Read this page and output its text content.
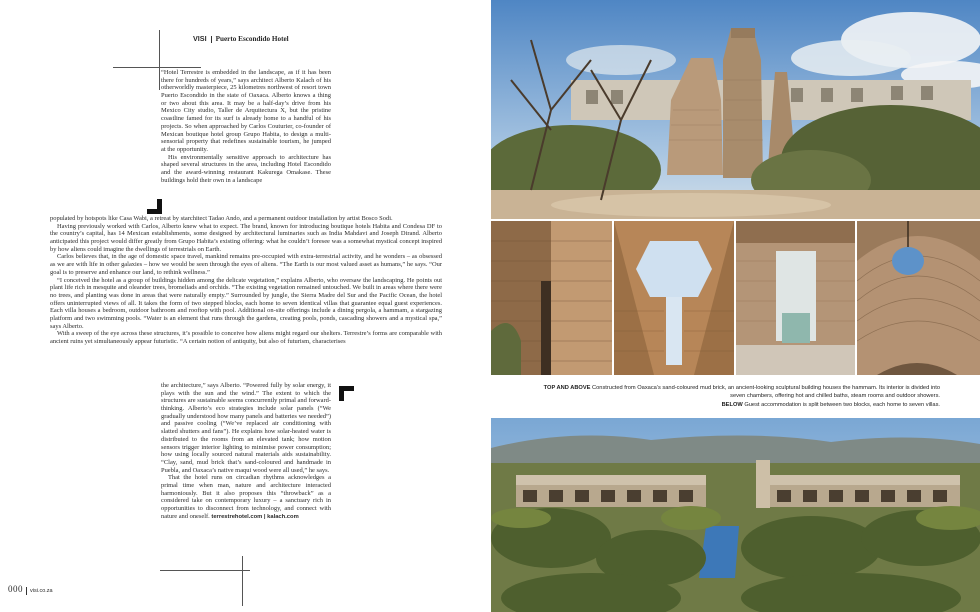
VISI Puerto Escondido Hotel

“Hotel Terrestre is embedded in the landscape, as if it has been there for hundreds of years,” says architect Alberto Kalach of his otherworldly masterpiece, 25 kilometres northwest of resort town Puerto Escondido in the state of Oaxaca. Alberto knows a thing or two about this area. It may be a half-day’s drive from his Mexico City studio, Taller de Arquitectura X, but the pristine coastline famed for its surf is already home to a handful of his projects. So when approached by Carlos Couturier, co-founder of Mexican boutique hotel group Grupo Habita, to design a multi-sensorial property that redefines sustainable tourism, he jumped at the opportunity.

His environmentally sensitive approach to architecture has shaped several structures in the area, including Hotel Escondido and the award-winning restaurant Kakurega Omakase. These buildings hold their own in a landscape

populated by hotspots like Casa Wabi, a retreat by starchitect Tadao Ando, and a permanent outdoor installation by artist Bosco Sodi.

Having previously worked with Carlos, Alberto knew what to expect. The brand, known for introducing boutique hotels Habita and Condesa DF to the country’s capital, has 14 Mexican establishments, some designed by architectural luminaries such as India Mahdavi and Joseph Dirand. Alberto anticipated this project would differ greatly from Grupo Habita’s existing offering: what he couldn’t foresee was a somewhat mystical concept inspired by how aliens could imagine the dwellings of terrestrials on Earth.

Carlos believes that, in the age of domestic space travel, mankind remains pre-occupied with extra-terrestrial activity, and he wonders – as obsessed as we are with life in other galaxies – how we would be seen through the eyes of aliens. “The Earth is our most valued asset as humans,” he says. “Our goal is to preserve and enhance our land, to rethink wellness.”

“I conceived the hotel as a group of buildings hidden among the delicate vegetation,” explains Alberto, who oversaw the landscaping. He points out plant life rich in mesquite and oleander trees, bromeliads and orchids. “The existing vegetation remained untouched. We built in areas where there were no trees, and planting was done in areas that were naturally empty.” Surrounded by jungle, the Sierra Madre del Sur and the Pacific Ocean, the hotel offers uninterrupted views of all. It takes the form of two stepped blocks, each home to seven identical villas that guarantee equal guest experiences. Each villa houses a bedroom, outdoor bathroom and rooftop with pool. Additional on-site offerings include a dining pergola, a hammam, a stargazing platform and two swimming pools. “Water is an element that runs through the gardens, creating pools, ponds, cascading showers and a mystical spa,” says Alberto.

With a sweep of the eye across these structures, it’s possible to conceive how aliens might regard our shelters. Terrestre’s forms are comparable with ancient ruins yet simultaneously appear futuristic. “A certain notion of antiquity, but also of futurism, characterises

the architecture,” says Alberto. “Powered fully by solar energy, it plays with the sun and the wind.” The extent to which the structures are sustainable seems concurrently primal and forward-thinking. Alberto’s eco strategies include solar panels (“We gradually understood how many panels and batteries we needed”) and passive cooling (“We’ve replaced air conditioning with slatted shutters and fans”). He explains how solar-heated water is distributed to the rooms from an elevated tank; how motion sensors trigger interior lighting to minimise power consumption; how using locally sourced natural materials aids sustainability. “Clay, sand, mud brick that’s sand-coloured and handmade in Puebla, and Oaxaca’s native maqui wood were all used,” he says.

That the hotel runs on circadian rhythms acknowledges a primal time when man, nature and architecture interacted harmoniously. But it also proposes this “throwback” as a considered take on contemporary luxury – a sanctuary rich in opportunities to disconnect from technology, and connect with nature and oneself. terrestrehotel.com | kalach.com

000 visi.co.za

TOP AND ABOVE Constructed from Oaxaca’s sand-coloured mud brick, an ancient-looking sculptural building houses the hammam. Its interior is divided into seven chambers, offering hot and chilled baths, steam rooms and outdoor showers.

BELOW Guest accommodation is split between two blocks, each home to seven villas.
